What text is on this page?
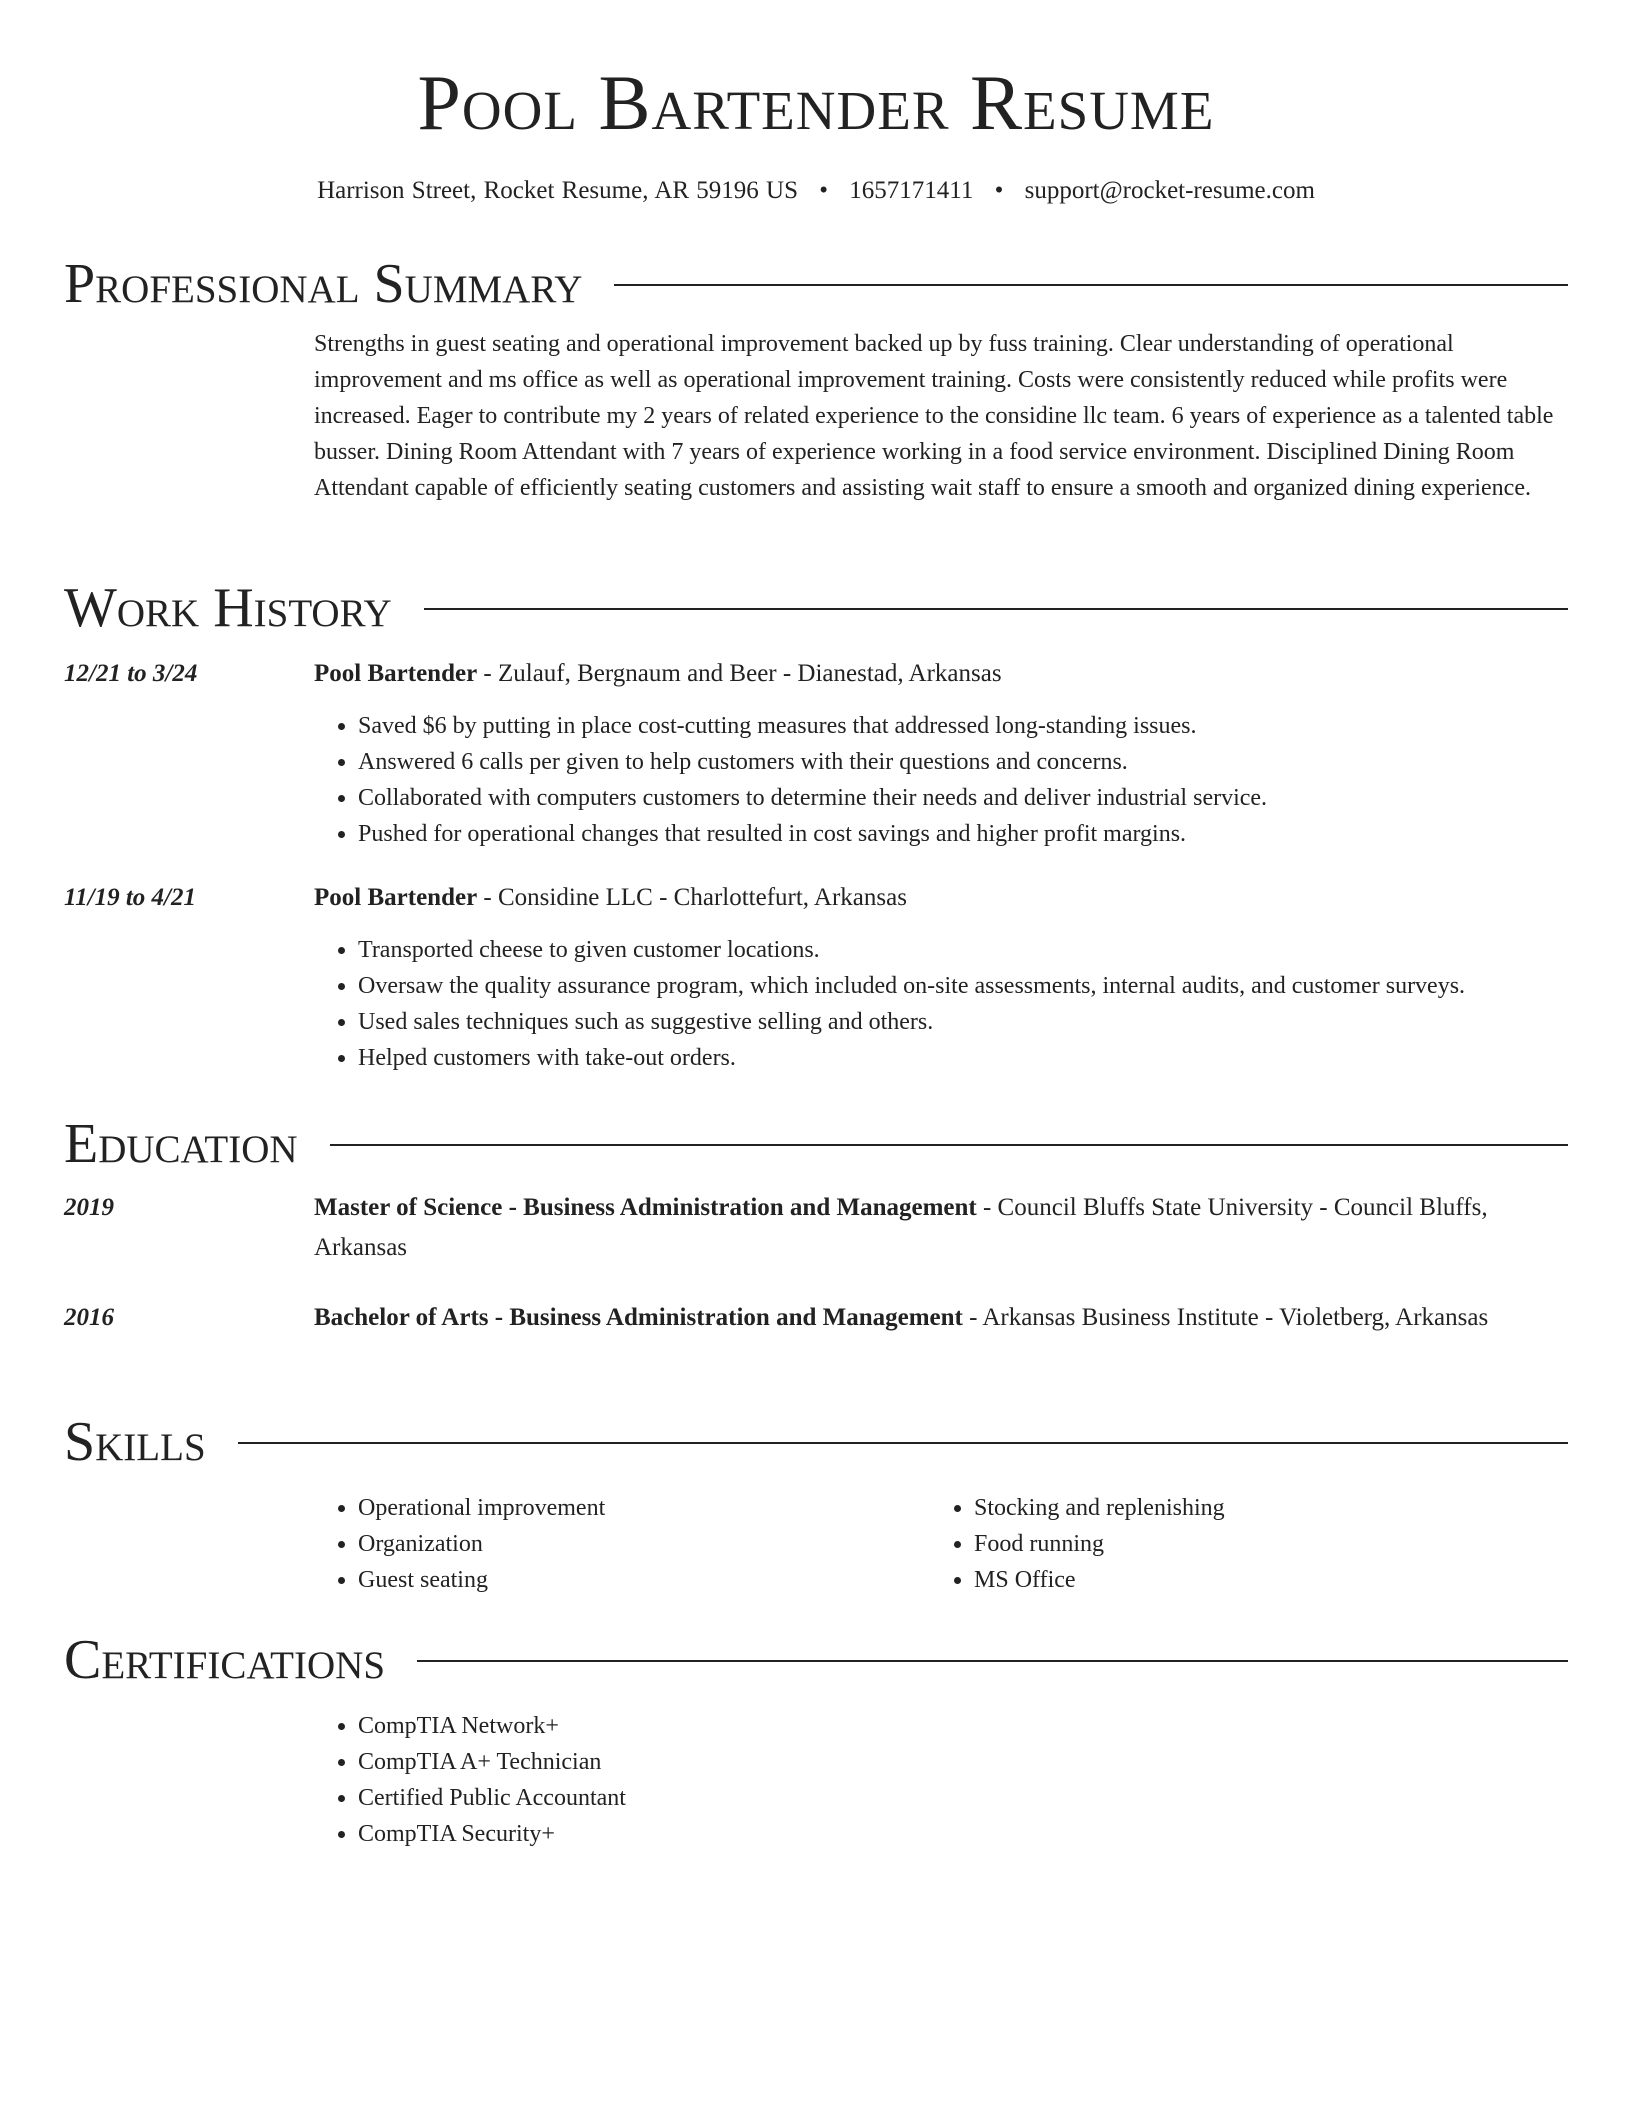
Pool Bartender Resume
Harrison Street, Rocket Resume, AR 59196 US • 1657171411 • support@rocket-resume.com
Professional Summary
Strengths in guest seating and operational improvement backed up by fuss training. Clear understanding of operational improvement and ms office as well as operational improvement training. Costs were consistently reduced while profits were increased. Eager to contribute my 2 years of related experience to the considine llc team. 6 years of experience as a talented table busser. Dining Room Attendant with 7 years of experience working in a food service environment. Disciplined Dining Room Attendant capable of efficiently seating customers and assisting wait staff to ensure a smooth and organized dining experience.
Work History
12/21 to 3/24	Pool Bartender - Zulauf, Bergnaum and Beer - Dianestad, Arkansas
• Saved $6 by putting in place cost-cutting measures that addressed long-standing issues.
• Answered 6 calls per given to help customers with their questions and concerns.
• Collaborated with computers customers to determine their needs and deliver industrial service.
• Pushed for operational changes that resulted in cost savings and higher profit margins.
11/19 to 4/21	Pool Bartender - Considine LLC - Charlottefurt, Arkansas
• Transported cheese to given customer locations.
• Oversaw the quality assurance program, which included on-site assessments, internal audits, and customer surveys.
• Used sales techniques such as suggestive selling and others.
• Helped customers with take-out orders.
Education
2019	Master of Science - Business Administration and Management - Council Bluffs State University - Council Bluffs, Arkansas
2016	Bachelor of Arts - Business Administration and Management - Arkansas Business Institute - Violetberg, Arkansas
Skills
• Operational improvement
• Organization
• Guest seating
• Stocking and replenishing
• Food running
• MS Office
Certifications
• CompTIA Network+
• CompTIA A+ Technician
• Certified Public Accountant
• CompTIA Security+
